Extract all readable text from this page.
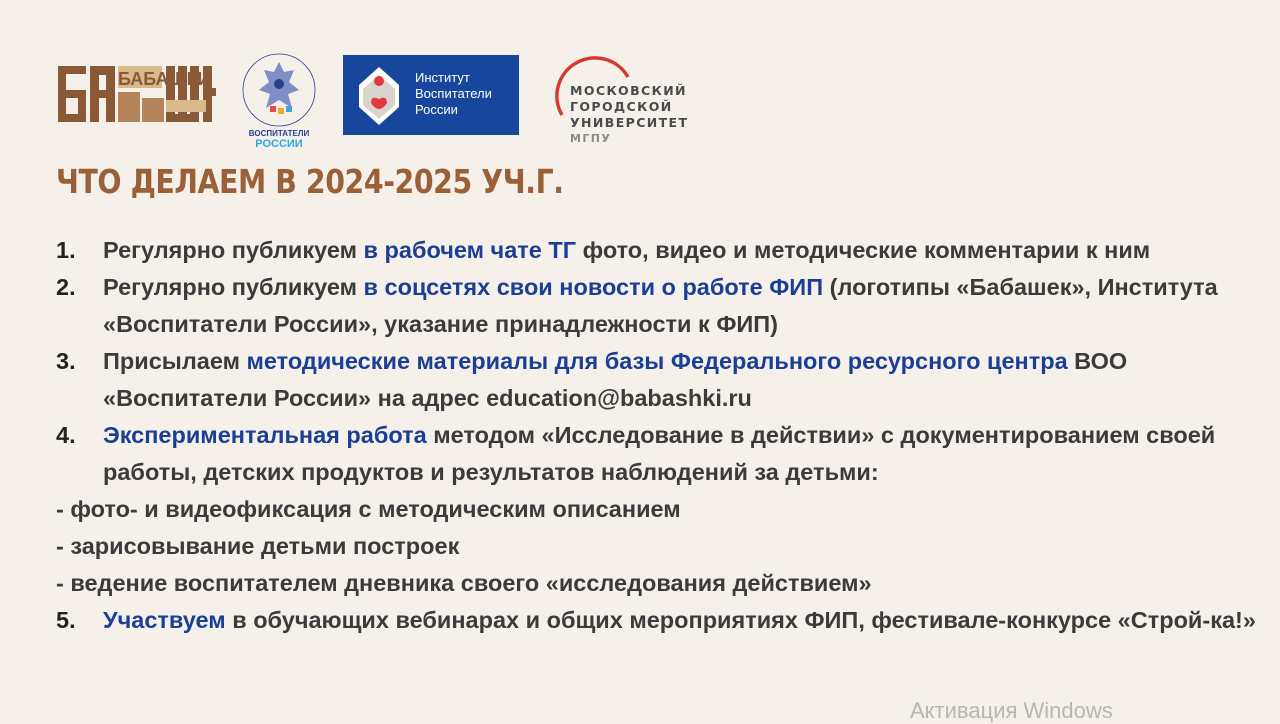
БАБАШКИ
ВОСПИТАТЕЛИ
РОССИИ
Институт
Воспитатели
России
МОСКОВСКИЙ
ГОРОДСКОЙ
УНИВЕРСИТЕТ
МГПУ
ЧТО ДЕЛАЕМ В 2024-2025 УЧ.Г.
1. Регулярно публикуем в рабочем чате ТГ фото, видео и методические комментарии к ним
2. Регулярно публикуем в соцсетях свои новости о работе ФИП (логотипы «Бабашек», Института «Воспитатели России», указание принадлежности к ФИП)
3. Присылаем методические материалы для базы Федерального ресурсного центра ВОО «Воспитатели России» на адрес education@babashki.ru
4. Экспериментальная работа методом «Исследование в действии» с документированием своей работы, детских продуктов и результатов наблюдений за детьми:
- фото- и видеофиксация с методическим описанием
- зарисовывание детьми построек
- ведение воспитателем дневника своего «исследования действием»
5. Участвуем в обучающих вебинарах и общих мероприятиях ФИП, фестивале-конкурсе «Строй-ка!»
Активация Windows
